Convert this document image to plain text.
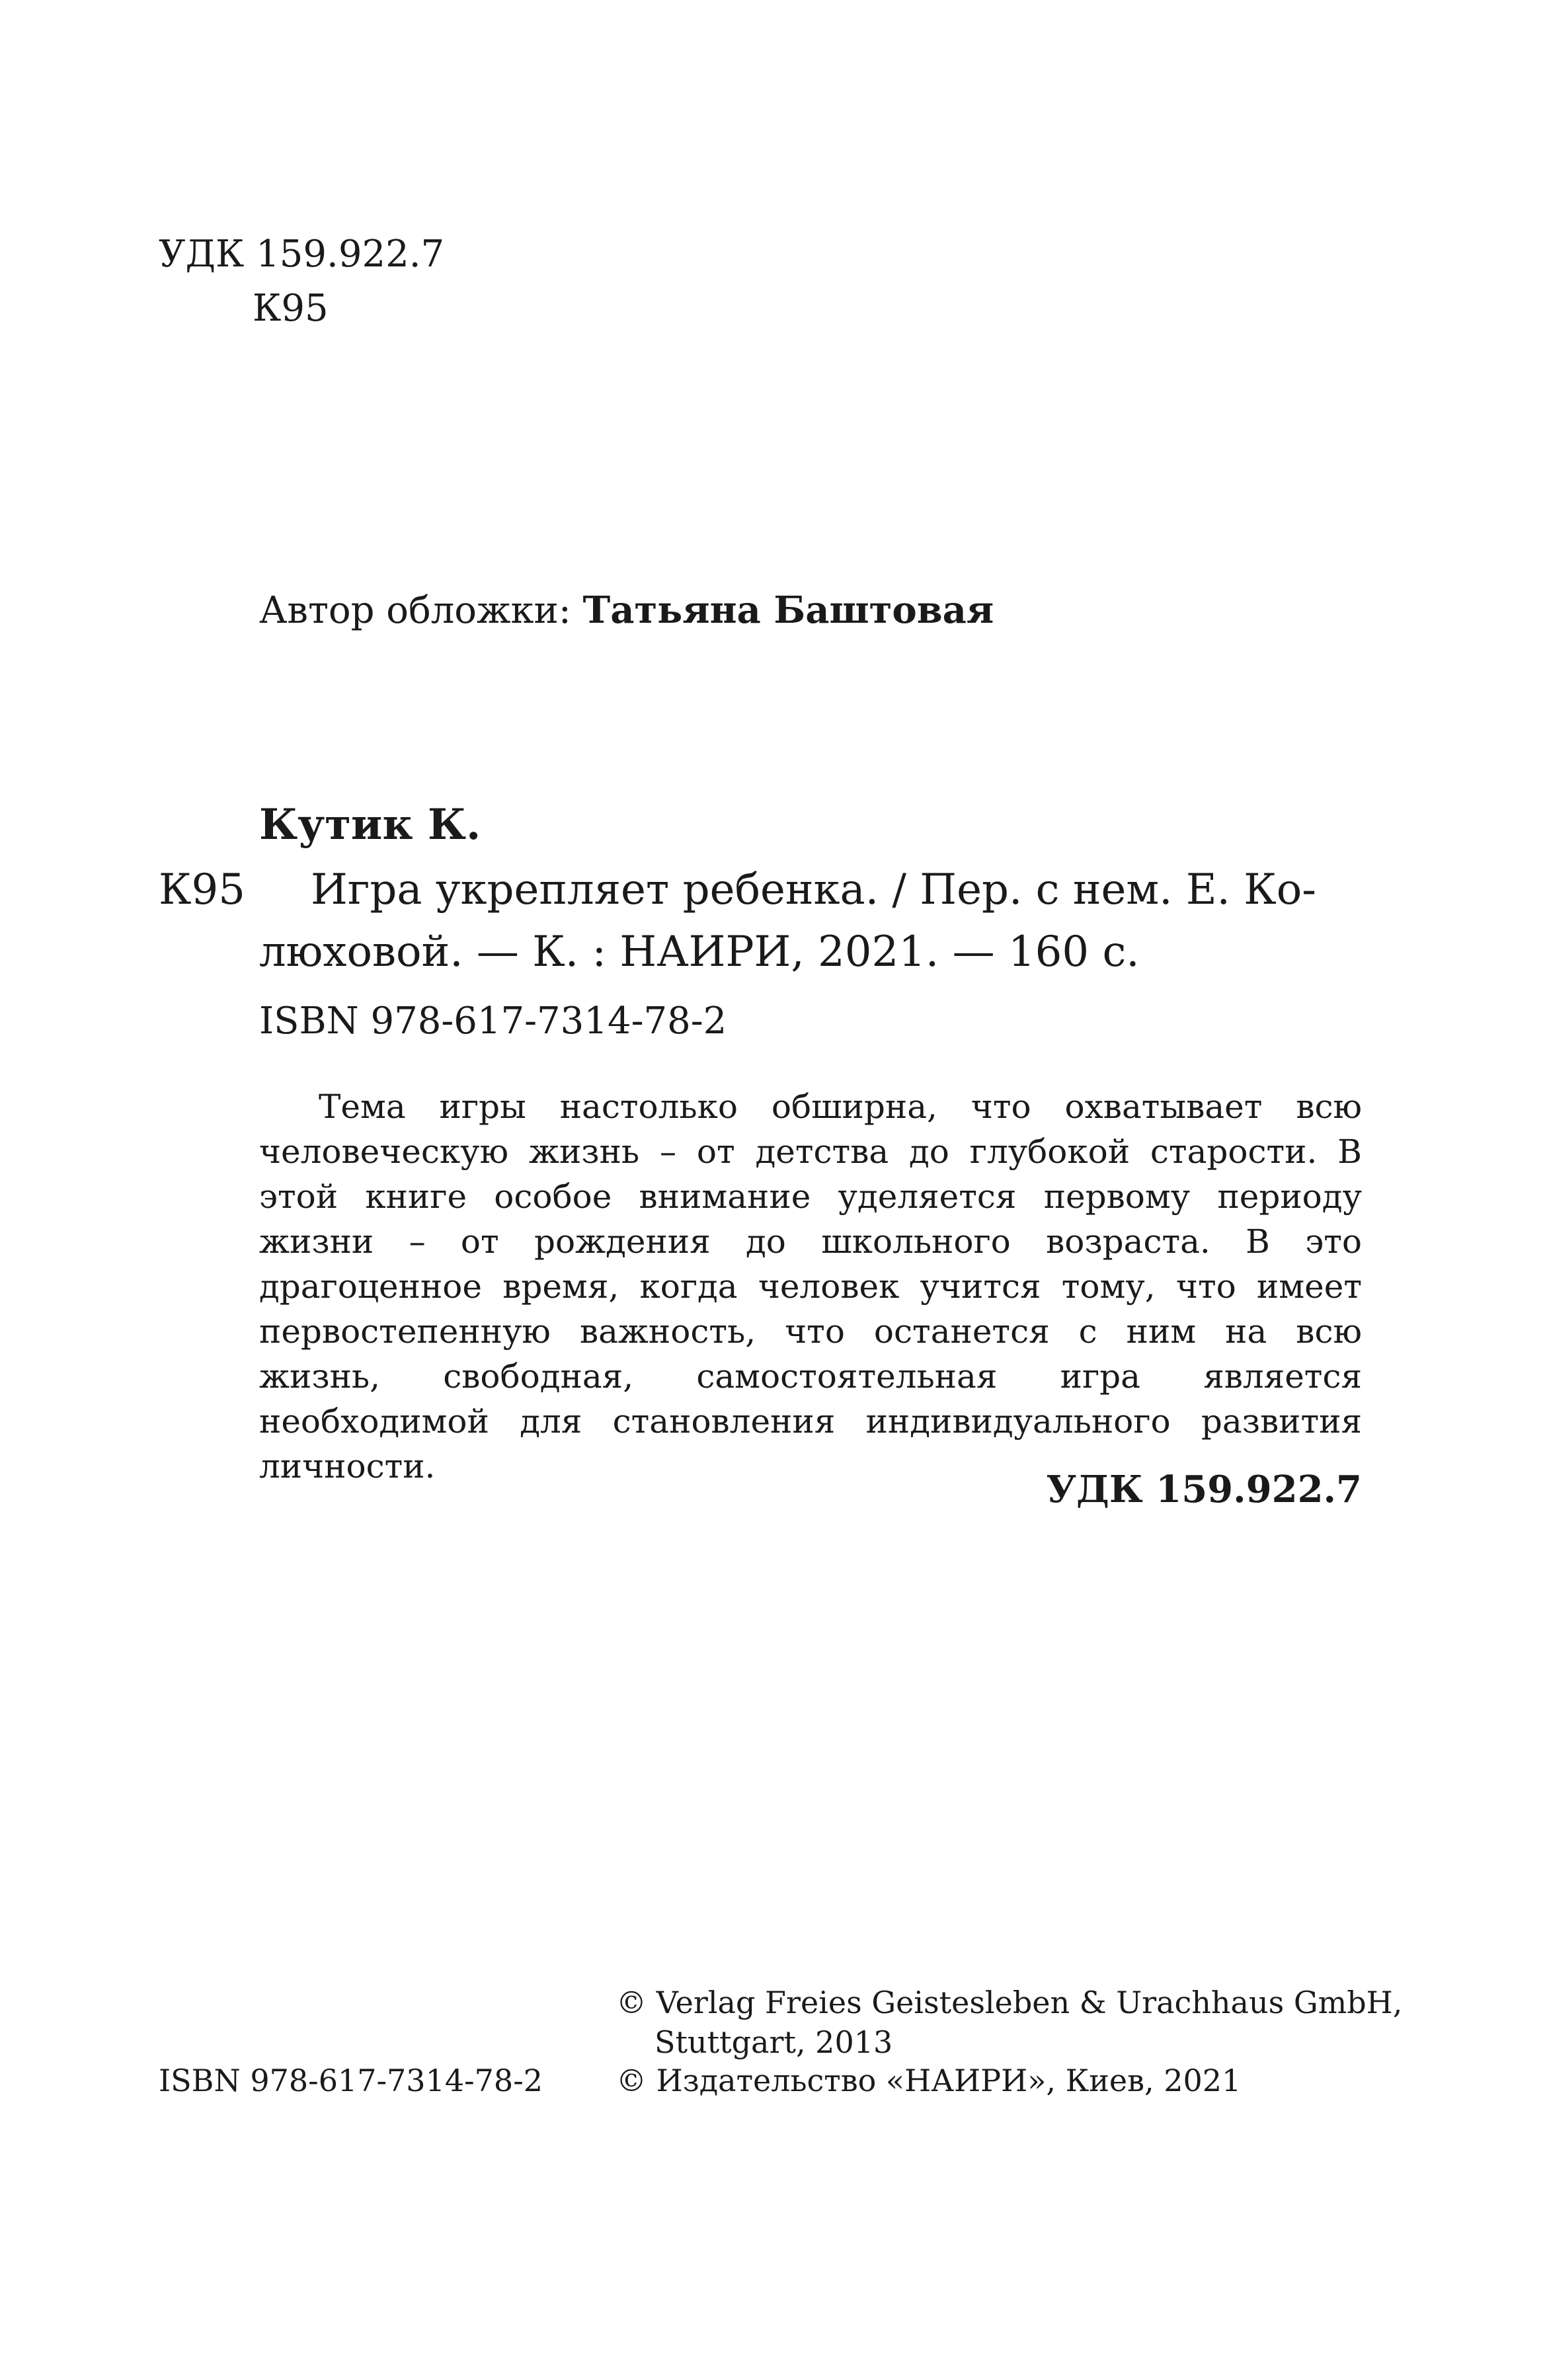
УДК 159.922.7
К95
Автор обложки: Татьяна Баштовая
Кутик К.
К95 Игра укрепляет ребенка. / Пер. с нем. Е. Ко-
люховой. — К. : НАИРИ, 2021. — 160 с.
ISBN 978-617-7314-78-2
Тема игры настолько обширна, что охватывает всю человеческую жизнь – от детства до глубокой старости. В этой книге особое внимание уделяется первому периоду жизни – от рождения до школьного возраста. В это драгоценное время, когда человек учится тому, что имеет первостепенную важность, что останется с ним на всю жизнь, свободная, самостоятельная игра является необходимой для становления индивидуального развития личности.
УДК 159.922.7
© Verlag Freies Geistesleben & Urachhaus GmbH,
Stuttgart, 2013
ISBN 978-617-7314-78-2 © Издательство «НАИРИ», Киев, 2021
